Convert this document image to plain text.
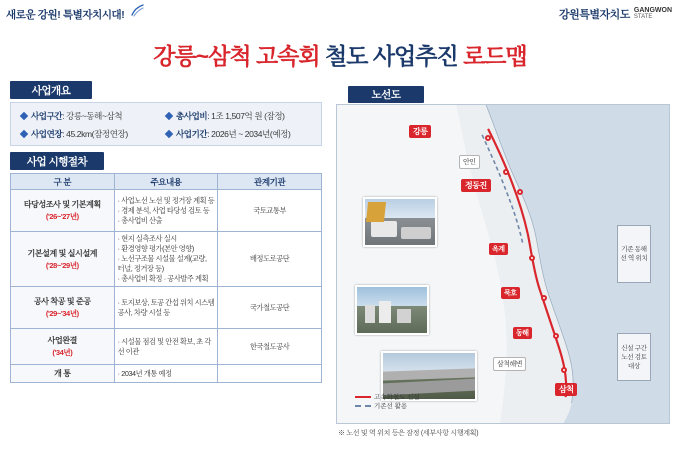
새로운 강원! 특별자치시대!	강원특별자치도 GANGWON
STATE
강릉~삼척 고속회 철도 사업추진 로드맵
사업개요
사업구간 : 강릉~동해~삼척	총사업비 : 1조 1,507억 원 (잠정)
사업연장 : 45.2km(잠정연장)	사업기간 : 2026년 ~ 2034년(예정)
사업 시행절차
구 분	주요내용	관계기관
타당성조사 및 기본계획
('26~'27년)	· 사업노선 노선 및 정거장 계획 등
· 경제 분석, 사업 타당성 검토 등
· 총사업비 산출	국토교통부
기본설계 및 실시설계
('28~'29년)	· 현지 실측조사 실시
· 환경영향 평가(본안 영향)
· 노선구조물 시설물 설계(교량, 터널, 정거장 등)
· 총사업비 확정 · 공사발주 계획	배정도로공단
공사 착공 및 준공
('29~'34년)	· 토지보상, 토공 간섭 위치 시스템공사, 차량 시설 등	국가철도공단
사업완결
('34년)	· 시설물 점검 및 안전 확보, 초 각선 이관	한국철도공사
개 통	· 2034년 개통 예정	
노선도
강릉
안인
정동진
옥계
묵호
동해
삼척해변
삼척
기존 동해선 역 위치
신설 구간 노선 검토 대상
고속화철도 신설
기존선 활용
※ 노선 및 역 위치 등은 잠정 (세부사항 시행계획)
